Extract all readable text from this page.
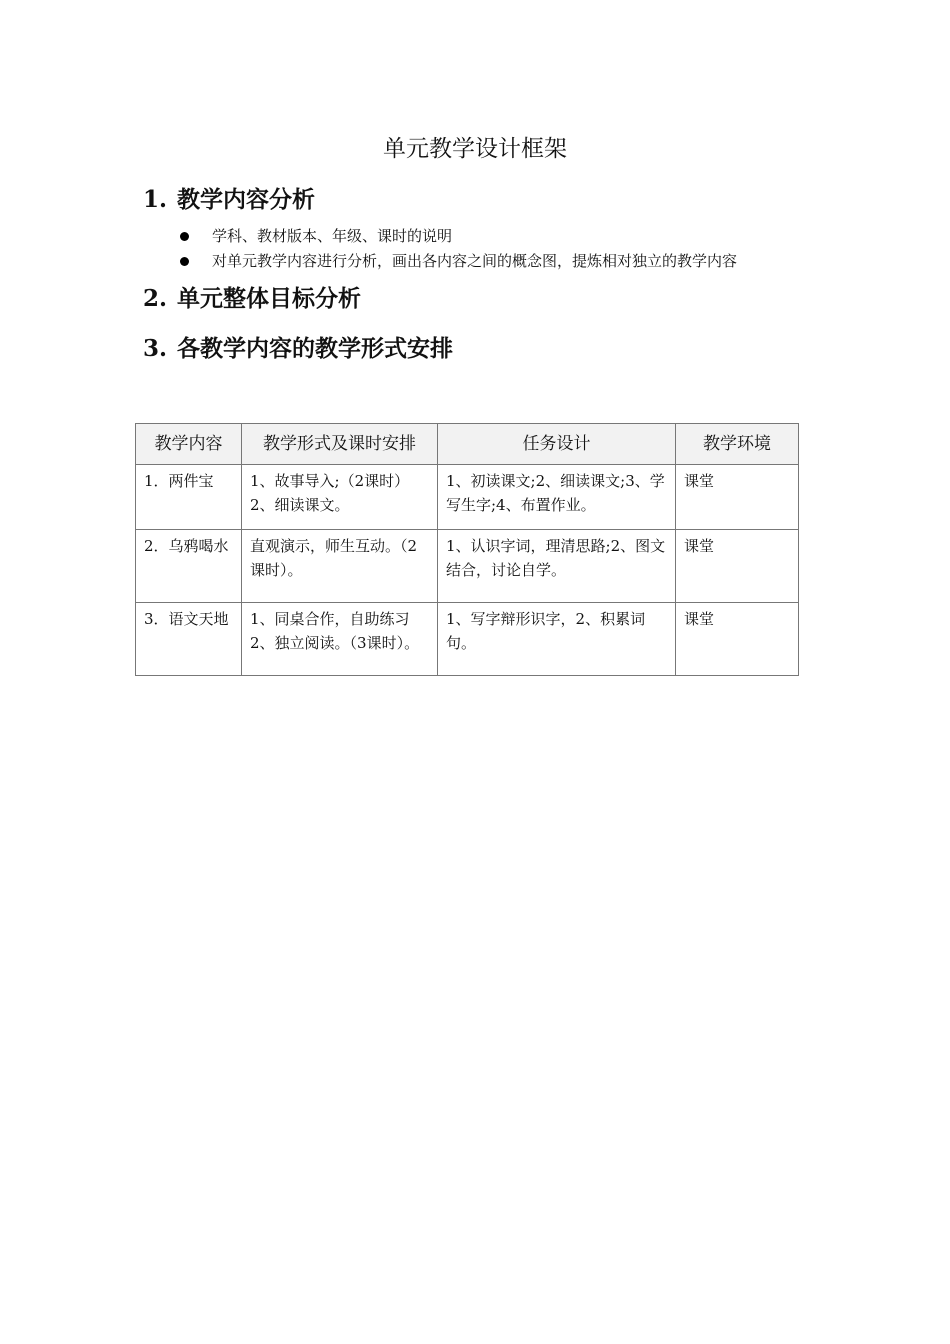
单元教学设计框架
1. 教学内容分析
学科、教材版本、年级、课时的说明
对单元教学内容进行分析，画出各内容之间的概念图，提炼相对独立的教学内容
2. 单元整体目标分析
3. 各教学内容的教学形式安排
教学内容	教学形式及课时安排	任务设计	教学环境
1．两件宝	1、故事导入;（2课时）2、细读课文。	1、初读课文;2、细读课文;3、学写生字;4、布置作业。	课堂
2．乌鸦喝水	直观演示，师生互动。（2课时）。	1、认识字词，理清思路;2、图文结合，讨论自学。	课堂
3．语文天地	1、同桌合作，自助练习2、独立阅读。（3课时）。	1、写字辩形识字，2、积累词句。	课堂
